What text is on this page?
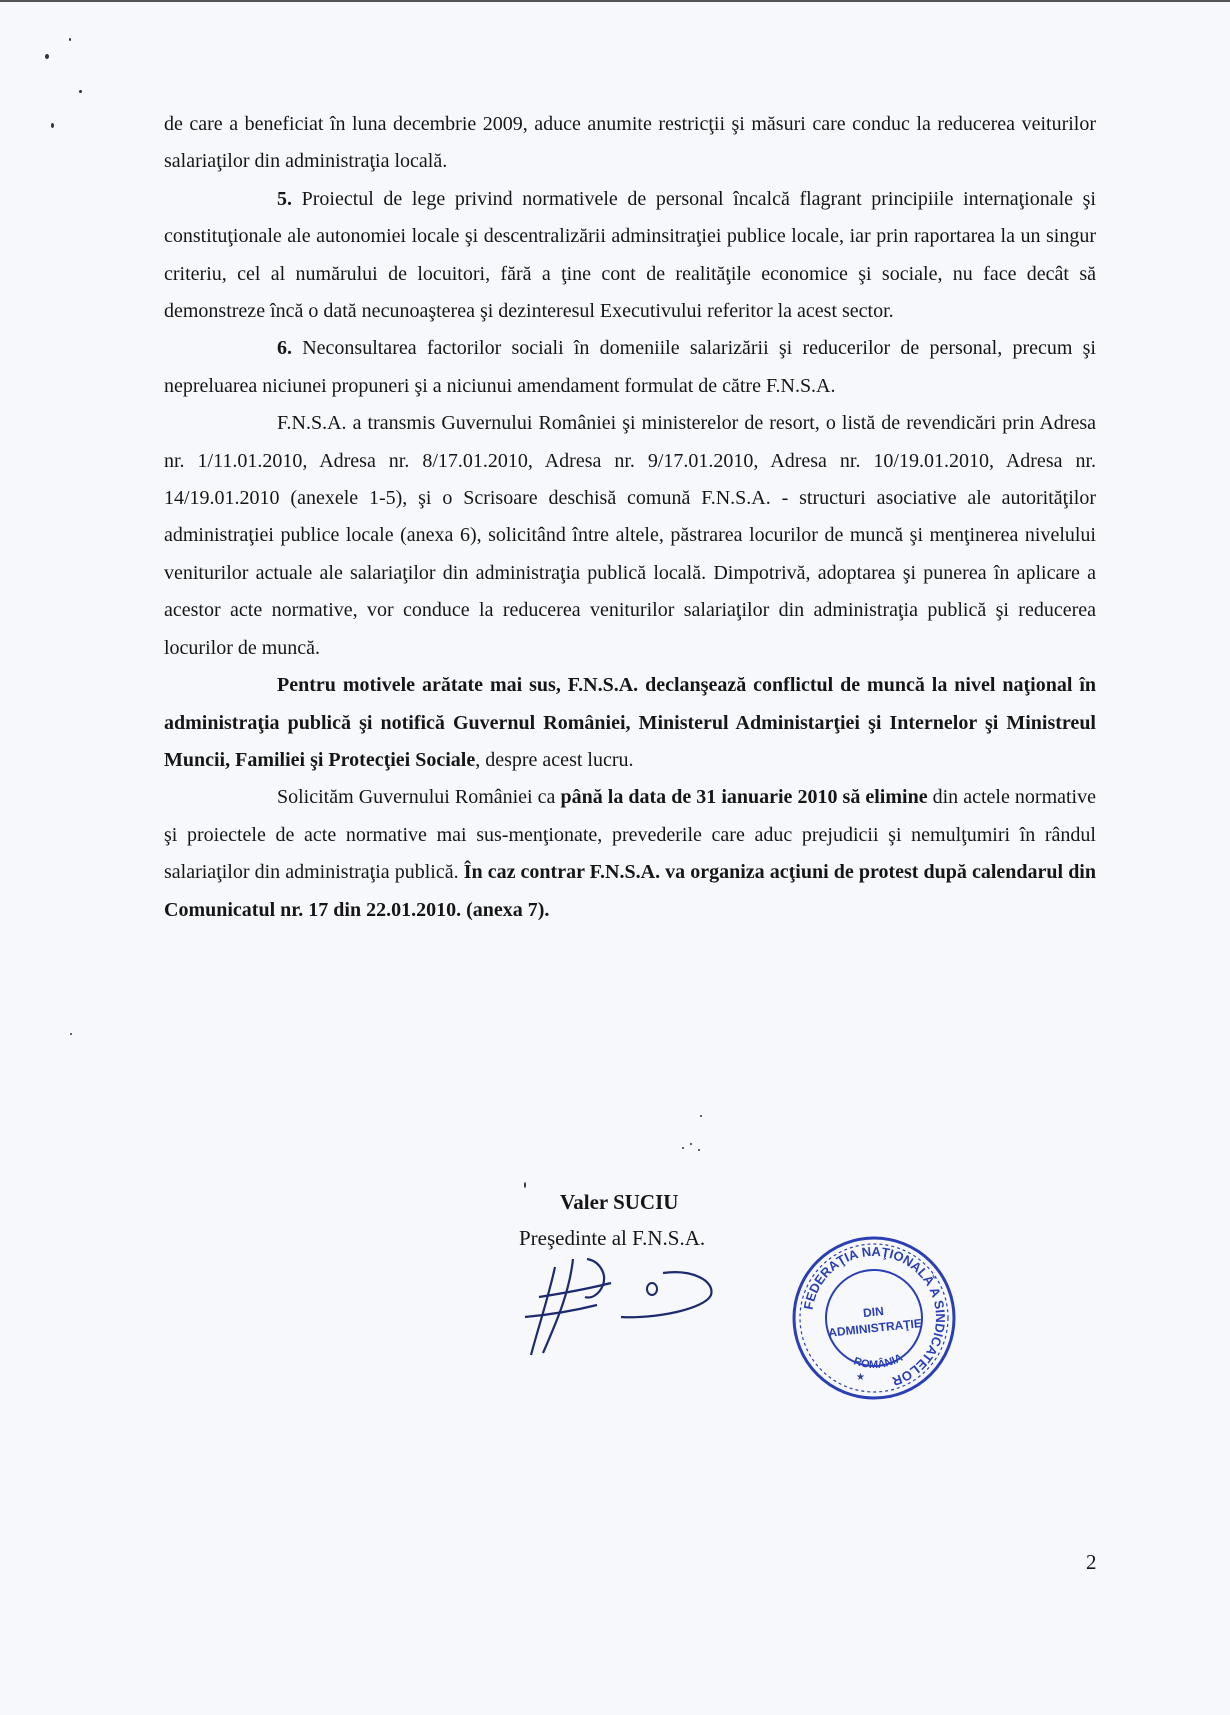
de care a beneficiat în luna decembrie 2009, aduce anumite restricţii şi măsuri care conduc la reducerea veiturilor salariaţilor din administraţia locală.

5. Proiectul de lege privind normativele de personal încalcă flagrant principiile internaţionale şi constituţionale ale autonomiei locale şi descentralizării adminsitraţiei publice locale, iar prin raportarea la un singur criteriu, cel al numărului de locuitori, fără a ţine cont de realităţile economice şi sociale, nu face decât să demonstreze încă o dată necunoaşterea şi dezinteresul Executivului referitor la acest sector.

6. Neconsultarea factorilor sociali în domeniile salarizării şi reducerilor de personal, precum şi nepreluarea niciunei propuneri şi a niciunui amendament formulat de către F.N.S.A.

F.N.S.A. a transmis Guvernului României şi ministerelor de resort, o listă de revendicări prin Adresa nr. 1/11.01.2010, Adresa nr. 8/17.01.2010, Adresa nr. 9/17.01.2010, Adresa nr. 10/19.01.2010, Adresa nr. 14/19.01.2010 (anexele 1-5), şi o Scrisoare deschisă comună F.N.S.A. - structuri asociative ale autorităţilor administraţiei publice locale (anexa 6), solicitând între altele, păstrarea locurilor de muncă şi menţinerea nivelului veniturilor actuale ale salariaţilor din administraţia publică locală. Dimpotrivă, adoptarea şi punerea în aplicare a acestor acte normative, vor conduce la reducerea veniturilor salariaţilor din administraţia publică şi reducerea locurilor de muncă.

Pentru motivele arătate mai sus, F.N.S.A. declanşează conflictul de muncă la nivel naţional în administraţia publică şi notifică Guvernul României, Ministerul Administarţiei şi Internelor şi Ministreul Muncii, Familiei şi Protecţiei Sociale, despre acest lucru.

Solicităm Guvernului României ca până la data de 31 ianuarie 2010 să elimine din actele normative şi proiectele de acte normative mai sus-menţionate, prevederile care aduc prejudicii şi nemulţumiri în rândul salariaţilor din administraţia publică. În caz contrar F.N.S.A. va organiza acţiuni de protest după calendarul din Comunicatul nr. 17 din 22.01.2010. (anexa 7).

Valer SUCIU
Preşedinte al F.N.S.A.
FEDERAŢIA NAŢIONALĂ A SINDICATELOR
DIN
ADMINISTRAŢIE
ROMÂNIA
★
2
